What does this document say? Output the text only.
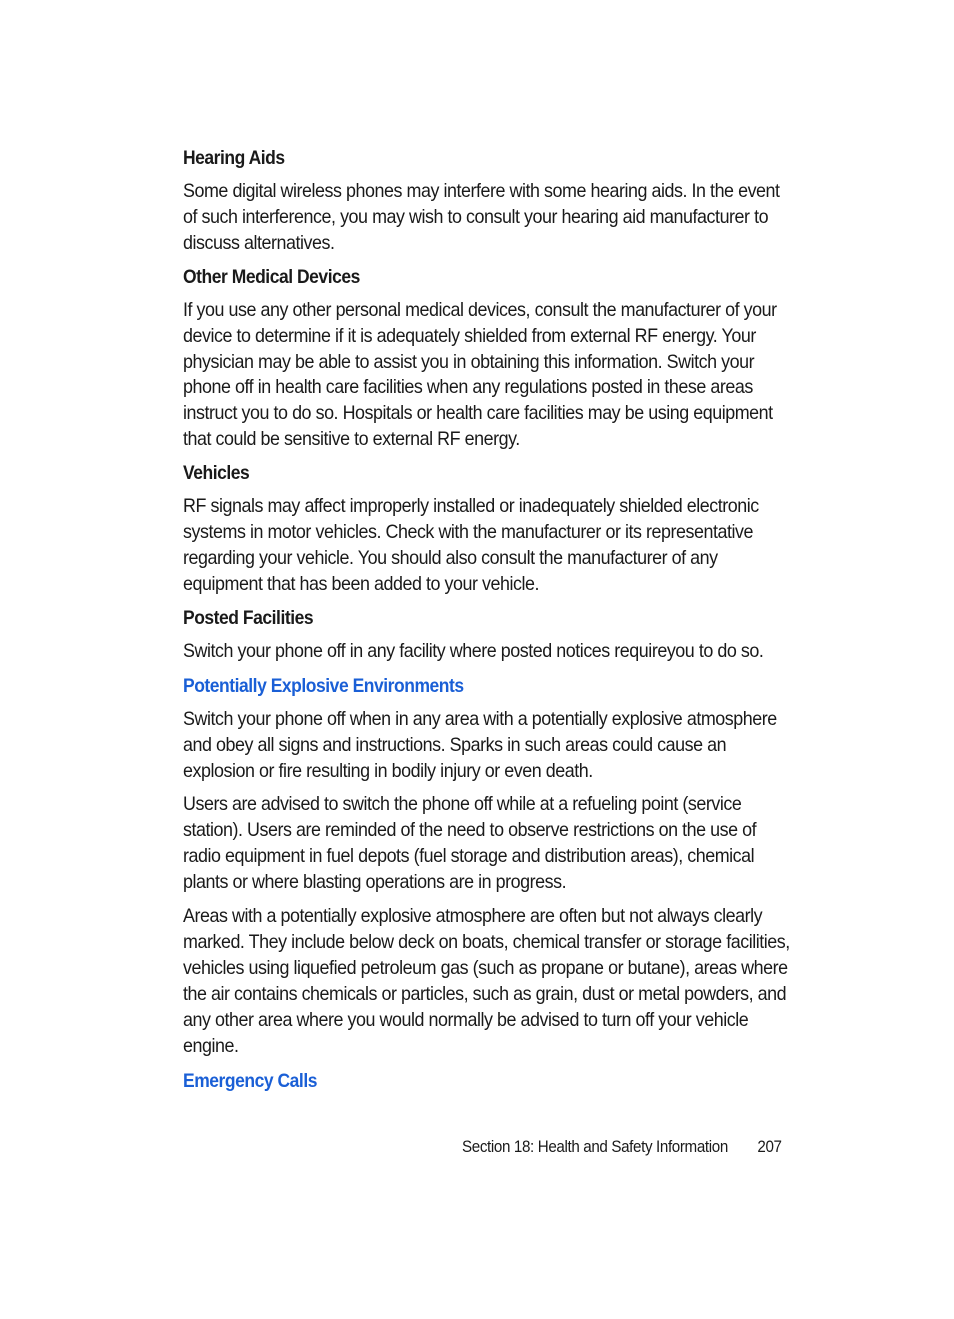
Hearing Aids

Some digital wireless phones may interfere with some hearing aids. In the event of such interference, you may wish to consult your hearing aid manufacturer to discuss alternatives.

Other Medical Devices

If you use any other personal medical devices, consult the manufacturer of your device to determine if it is adequately shielded from external RF energy. Your physician may be able to assist you in obtaining this information. Switch your phone off in health care facilities when any regulations posted in these areas instruct you to do so. Hospitals or health care facilities may be using equipment that could be sensitive to external RF energy.

Vehicles

RF signals may affect improperly installed or inadequately shielded electronic systems in motor vehicles. Check with the manufacturer or its representative regarding your vehicle. You should also consult the manufacturer of any equipment that has been added to your vehicle.

Posted Facilities

Switch your phone off in any facility where posted notices requireyou to do so.

Potentially Explosive Environments

Switch your phone off when in any area with a potentially explosive atmosphere and obey all signs and instructions. Sparks in such areas could cause an explosion or fire resulting in bodily injury or even death.

Users are advised to switch the phone off while at a refueling point (service station). Users are reminded of the need to observe restrictions on the use of radio equipment in fuel depots (fuel storage and distribution areas), chemical plants or where blasting operations are in progress.

Areas with a potentially explosive atmosphere are often but not always clearly marked. They include below deck on boats, chemical transfer or storage facilities, vehicles using liquefied petroleum gas (such as propane or butane), areas where the air contains chemicals or particles, such as grain, dust or metal powders, and any other area where you would normally be advised to turn off your vehicle engine.

Emergency Calls
Section 18: Health and Safety Information 207
